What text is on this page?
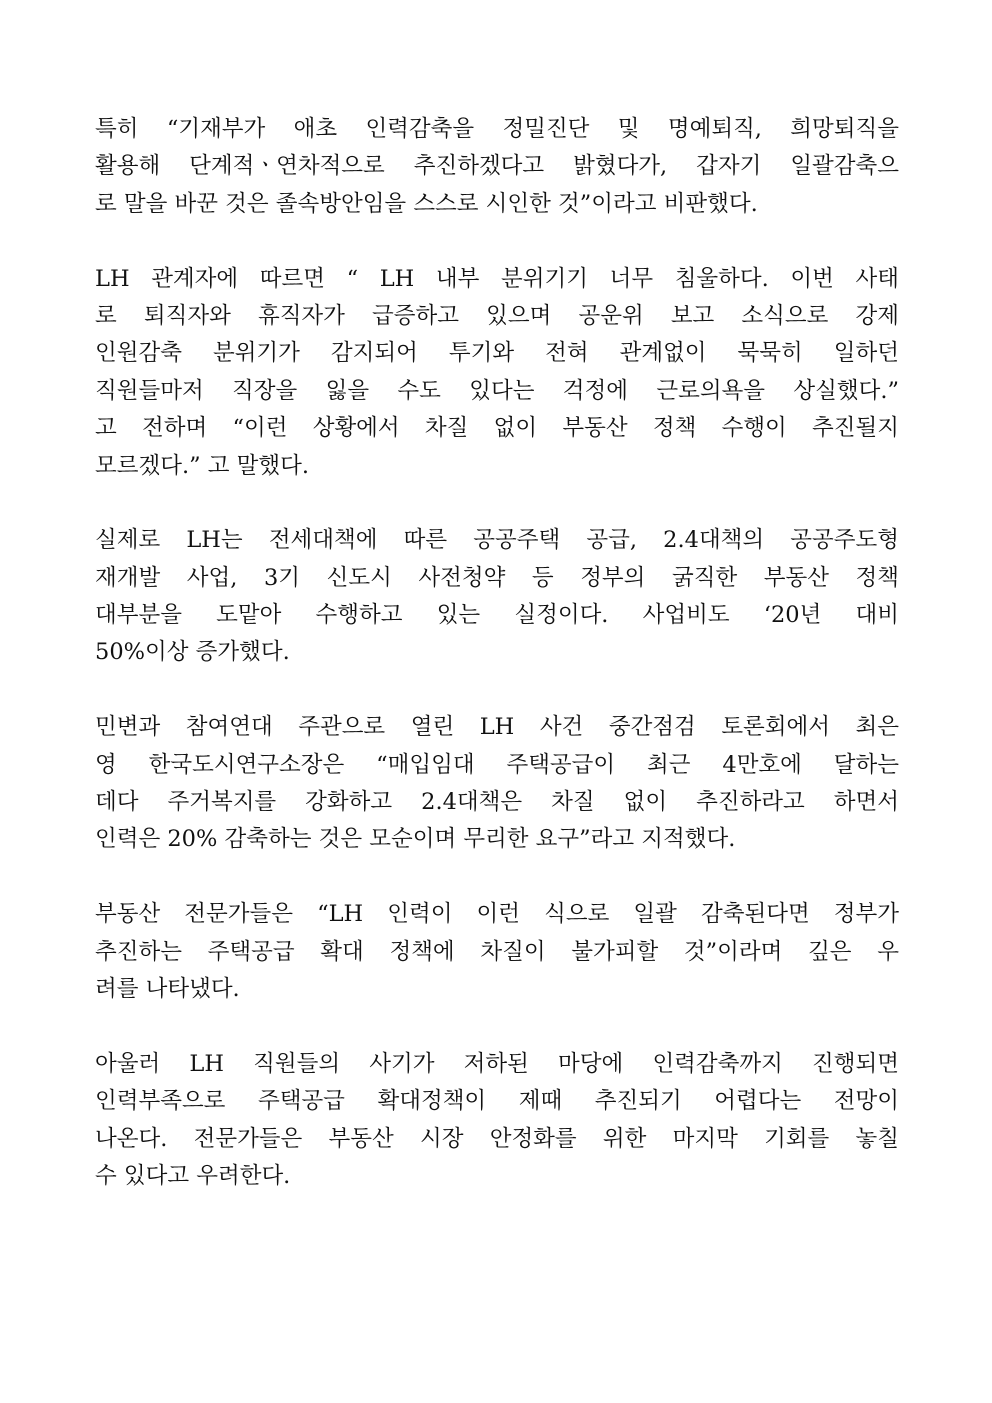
특히 “기재부가 애초 인력감축을 정밀진단 및 명예퇴직, 희망퇴직을
활용해 단계적ㆍ연차적으로 추진하겠다고 밝혔다가, 갑자기 일괄감축으
로 말을 바꾼 것은 졸속방안임을 스스로 시인한 것”이라고 비판했다.

LH 관계자에 따르면 “ LH 내부 분위기기 너무 침울하다. 이번 사태
로 퇴직자와 휴직자가 급증하고 있으며 공운위 보고 소식으로 강제
인원감축 분위기가 감지되어 투기와 전혀 관계없이 묵묵히 일하던
직원들마저 직장을 잃을 수도 있다는 걱정에 근로의욕을 상실했다.”
고 전하며 “이런 상황에서 차질 없이 부동산 정책 수행이 추진될지
모르겠다.” 고 말했다.

실제로 LH는 전세대책에 따른 공공주택 공급, 2.4대책의 공공주도형
재개발 사업, 3기 신도시 사전청약 등 정부의 굵직한 부동산 정책
대부분을 도맡아 수행하고 있는 실정이다. 사업비도 ‘20년 대비
50%이상 증가했다.

민변과 참여연대 주관으로 열린 LH 사건 중간점검 토론회에서 최은
영 한국도시연구소장은 “매입임대 주택공급이 최근 4만호에 달하는
데다 주거복지를 강화하고 2.4대책은 차질 없이 추진하라고 하면서
인력은 20% 감축하는 것은 모순이며 무리한 요구”라고 지적했다.

부동산 전문가들은 “LH 인력이 이런 식으로 일괄 감축된다면 정부가
추진하는 주택공급 확대 정책에 차질이 불가피할 것”이라며 깊은 우
려를 나타냈다.

아울러 LH 직원들의 사기가 저하된 마당에 인력감축까지 진행되면
인력부족으로 주택공급 확대정책이 제때 추진되기 어렵다는 전망이
나온다. 전문가들은 부동산 시장 안정화를 위한 마지막 기회를 놓칠
수 있다고 우려한다.
